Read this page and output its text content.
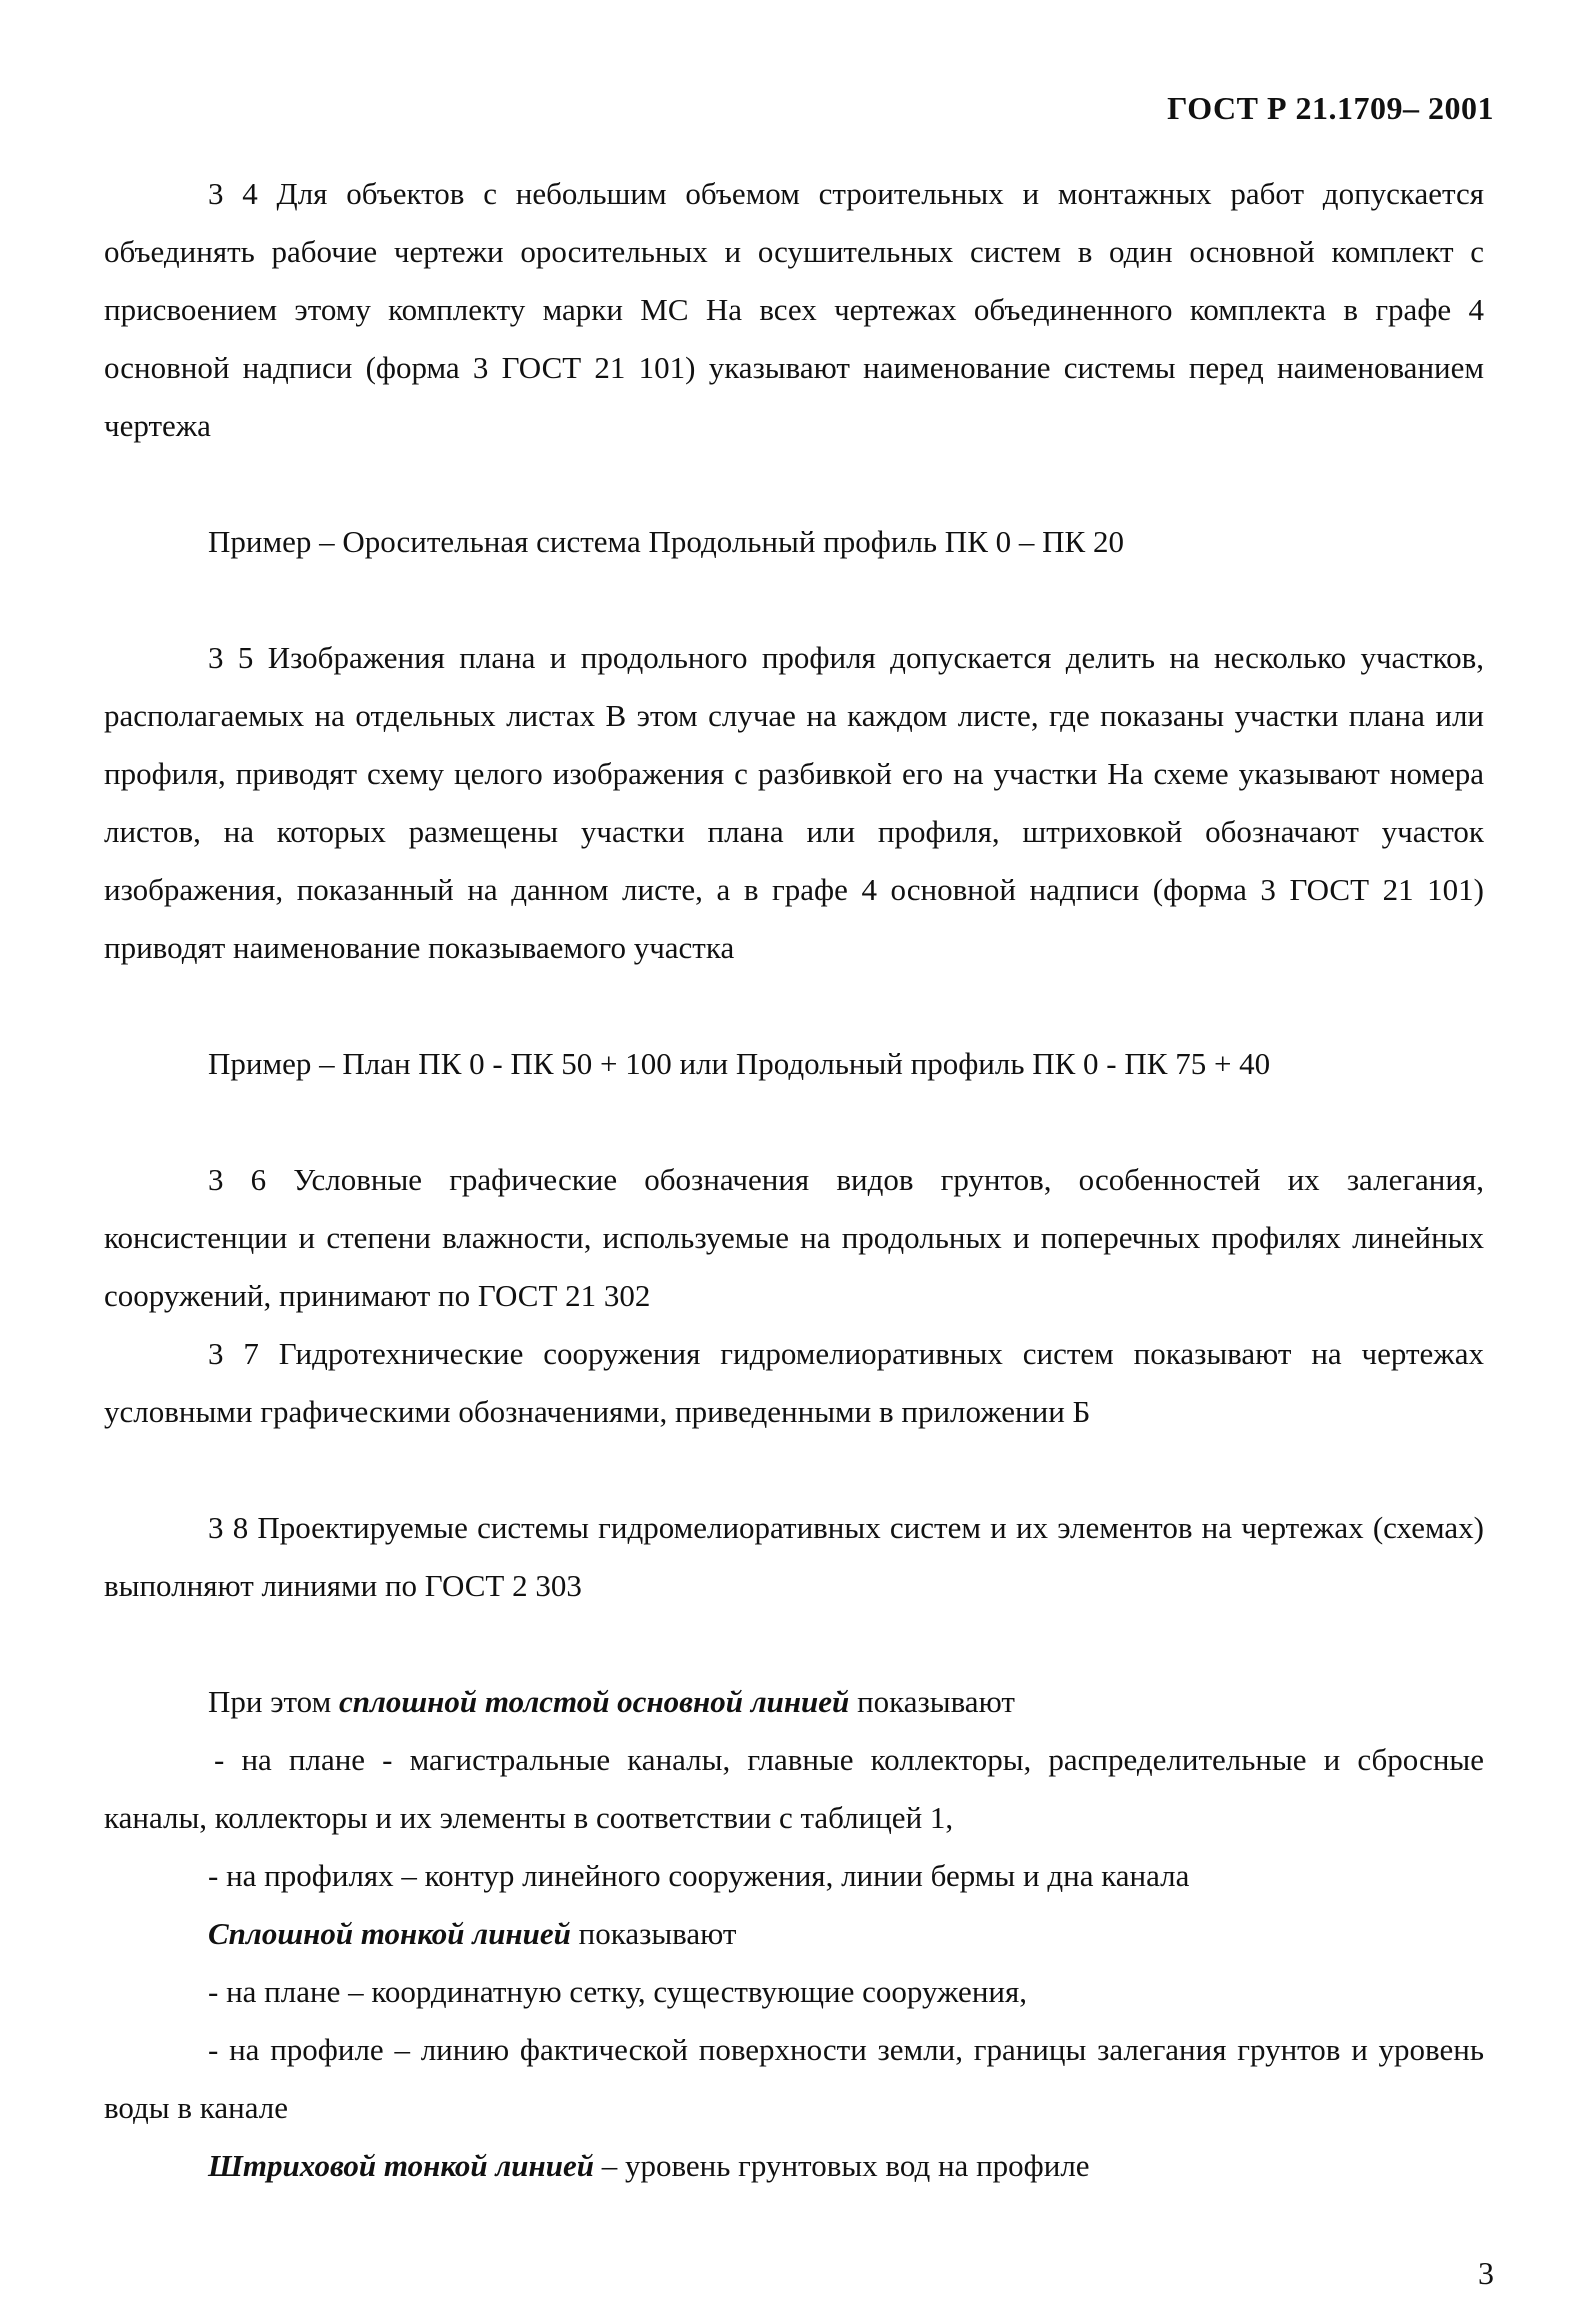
ГОСТ Р 21.1709– 2001

3 4 Для объектов с небольшим объемом строительных и монтажных работ допускается объединять рабочие чертежи оросительных и осушительных систем в один основной комплект с присвоением этому комплекту марки МС На всех чертежах объединенного комплекта в графе 4 основной надписи (форма 3 ГОСТ 21 101) указывают наименование системы перед наименованием чертежа

Пример – Оросительная система Продольный профиль ПК 0 – ПК 20

3 5 Изображения плана и продольного профиля допускается делить на несколько участков, располагаемых на отдельных листах В этом случае на каждом листе, где показаны участки плана или профиля, приводят схему целого изображения с разбивкой его на участки На схеме указывают номера листов, на которых размещены участки плана или профиля, штриховкой обозначают участок изображения, показанный на данном листе, а в графе 4 основной надписи (форма 3 ГОСТ 21 101) приводят наименование показываемого участка

Пример – План ПК 0 - ПК 50 + 100 или Продольный профиль ПК 0 - ПК 75 + 40

3 6 Условные графические обозначения видов грунтов, особенностей их залегания, консистенции и степени влажности, используемые на продольных и поперечных профилях линейных сооружений, принимают по ГОСТ 21 302

3 7 Гидротехнические сооружения гидромелиоративных систем показывают на чертежах условными графическими обозначениями, приведенными в приложении Б

3 8 Проектируемые системы гидромелиоративных систем и их элементов на чертежах (схемах) выполняют линиями по ГОСТ 2 303

При этом сплошной толстой основной линией показывают

- на плане - магистральные каналы, главные коллекторы, распределительные и сбросные каналы, коллекторы и их элементы в соответствии с таблицей 1,

- на профилях – контур линейного сооружения, линии бермы и дна канала

Сплошной тонкой линией показывают

- на плане – координатную сетку, существующие сооружения,

- на профиле – линию фактической поверхности земли, границы залегания грунтов и уровень воды в канале

Штриховой тонкой линией – уровень грунтовых вод на профиле

3
